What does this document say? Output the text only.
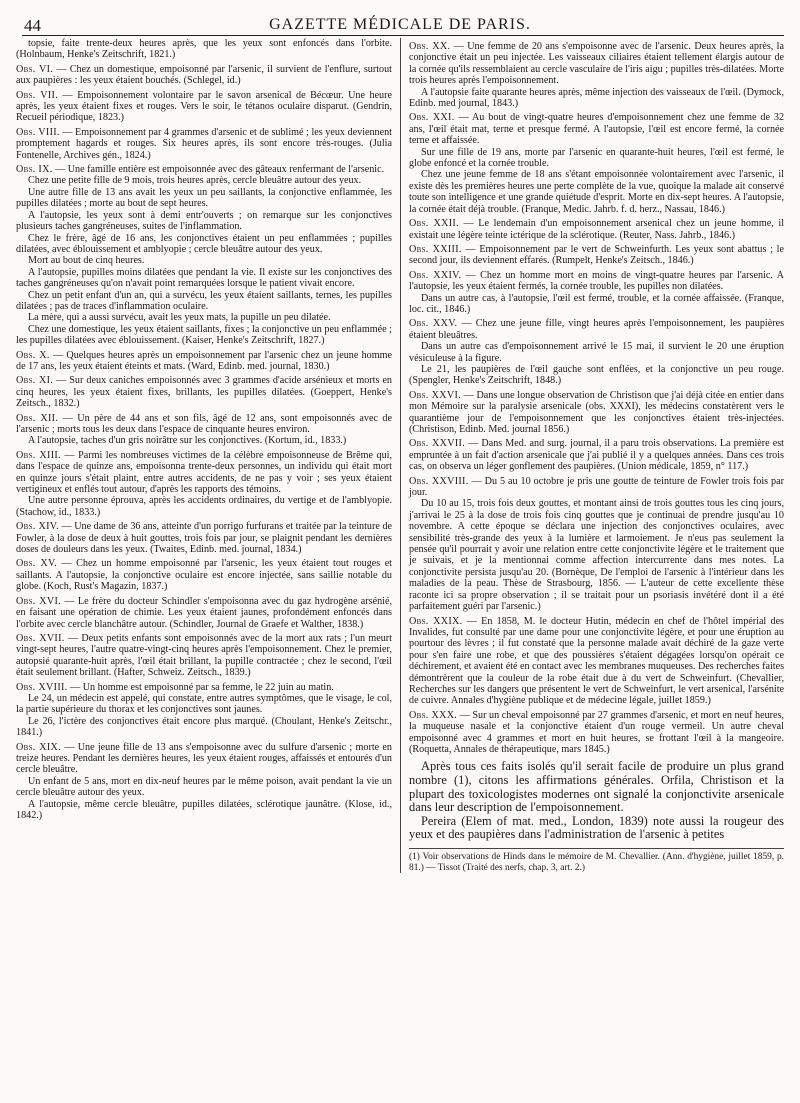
44	GAZETTE MÉDICALE DE PARIS.

topsie, faite trente-deux heures après, que les yeux sont enfoncés dans l'orbite. (Holnbaum, Henke's Zeitschrift, 1821.)

Obs. VI. — Chez un domestique, empoisonné par l'arsenic, il survient de l'enflure, surtout aux paupières : les yeux étaient bouchés. (Schlegel, id.)

Obs. VII. — Empoisonnement volontaire par le savon arsenical de Bécœur. Une heure après, les yeux étaient fixes et rouges. Vers le soir, le tétanos oculaire disparut. (Gendrin, Recueil périodique, 1823.)

Obs. VIII. — Empoisonnement par 4 grammes d'arsenic et de sublimé ; les yeux deviennent promptement hagards et rouges. Six heures après, ils sont encore très-rouges. (Julia Fontenelle, Archives gén., 1824.)

Obs. IX. — Une famille entière est empoisonnée avec des gâteaux renfermant de l'arsenic.

Chez une petite fille de 9 mois, trois heures après, cercle bleuâtre autour des yeux.

Une autre fille de 13 ans avait les yeux un peu saillants, la conjonctive enflammée, les pupilles dilatées ; morte au bout de sept heures.

A l'autopsie, les yeux sont à demi entr'ouverts ; on remarque sur les conjonctives plusieurs taches gangréneuses, suites de l'inflammation.

Chez le frère, âgé de 16 ans, les conjonctives étaient un peu enflammées ; pupilles dilatées, avec éblouissement et amblyopie ; cercle bleuâtre autour des yeux.

Mort au bout de cinq heures.

A l'autopsie, pupilles moins dilatées que pendant la vie. Il existe sur les conjonctives des taches gangréneuses qu'on n'avait point remarquées lorsque le patient vivait encore.

Chez un petit enfant d'un an, qui a survécu, les yeux étaient saillants, ternes, les pupilles dilatées ; pas de traces d'inflammation oculaire.

La mère, qui a aussi survécu, avait les yeux mats, la pupille un peu dilatée.

Chez une domestique, les yeux étaient saillants, fixes ; la conjonctive un peu enflammée ; les pupilles dilatées avec éblouissement. (Kaiser, Henke's Zeitschrift, 1827.)

Obs. X. — Quelques heures après un empoisonnement par l'arsenic chez un jeune homme de 17 ans, les yeux étaient éteints et mats. (Ward, Edinb. med. journal, 1830.)

Obs. XI. — Sur deux caniches empoisonnés avec 3 grammes d'acide arsénieux et morts en cinq heures, les yeux étaient fixes, brillants, les pupilles dilatées. (Goeppert, Henke's Zeitsch., 1832.)

Obs. XII. — Un père de 44 ans et son fils, âgé de 12 ans, sont empoisonnés avec de l'arsenic ; morts tous les deux dans l'espace de cinquante heures environ.

A l'autopsie, taches d'un gris noirâtre sur les conjonctives. (Kortum, id., 1833.)

Obs. XIII. — Parmi les nombreuses victimes de la célèbre empoisonneuse de Brême qui, dans l'espace de quinze ans, empoisonna trente-deux personnes, un individu qui était mort en quinze jours s'était plaint, entre autres accidents, de ne pas y voir ; ses yeux étaient vertigineux et enflés tout autour, d'après les rapports des témoins.

Une autre personne éprouva, après les accidents ordinaires, du vertige et de l'amblyopie. (Stachow, id., 1833.)

Obs. XIV. — Une dame de 36 ans, atteinte d'un porrigo furfurans et traitée par la teinture de Fowler, à la dose de deux à huit gouttes, trois fois par jour, se plaignit pendant les dernières doses de douleurs dans les yeux. (Twaites, Edinb. med. journal, 1834.)

Obs. XV. — Chez un homme empoisonné par l'arsenic, les yeux étaient tout rouges et saillants. A l'autopsie, la conjonctive oculaire est encore injectée, sans saillie notable du globe. (Koch, Rust's Magazin, 1837.)

Obs. XVI. — Le frère du docteur Schindler s'empoisonna avec du gaz hydrogène arsénié, en faisant une opération de chimie. Les yeux étaient jaunes, profondément enfoncés dans l'orbite avec cercle blanchâtre autour. (Schindler, Journal de Graefe et Walther, 1838.)

Obs. XVII. — Deux petits enfants sont empoisonnés avec de la mort aux rats ; l'un meurt vingt-sept heures, l'autre quatre-vingt-cinq heures après l'empoisonnement. Chez le premier, autopsié quarante-huit après, l'œil était brillant, la pupille contractée ; chez le second, l'œil était seulement brillant. (Hafter, Schweiz. Zeitsch., 1839.)

Obs. XVIII. — Un homme est empoisonné par sa femme, le 22 juin au matin.

Le 24, un médecin est appelé, qui constate, entre autres symptômes, que le visage, le col, la partie supérieure du thorax et les conjonctives sont jaunes.

Le 26, l'ictère des conjonctives était encore plus marqué. (Choulant, Henke's Zeitschr., 1841.)

Obs. XIX. — Une jeune fille de 13 ans s'empoisonne avec du sulfure d'arsenic ; morte en treize heures. Pendant les dernières heures, les yeux étaient rouges, affaissés et entourés d'un cercle bleuâtre.

Un enfant de 5 ans, mort en dix-neuf heures par le même poison, avait pendant la vie un cercle bleuâtre autour des yeux.

A l'autopsie, même cercle bleuâtre, pupilles dilatées, sclérotique jaunâtre. (Klose, id., 1842.)

Obs. XX. — Une femme de 20 ans s'empoisonne avec de l'arsenic. Deux heures après, la conjonctive était un peu injectée. Les vaisseaux ciliaires étaient tellement élargis autour de la cornée qu'ils ressemblaient au cercle vasculaire de l'iris aigu ; pupilles très-dilatées. Morte trois heures après l'empoisonnement.

A l'autopsie faite quarante heures après, même injection des vaisseaux de l'œil. (Dymock, Edinb. med journal, 1843.)

Obs. XXI. — Au bout de vingt-quatre heures d'empoisonnement chez une femme de 32 ans, l'œil était mat, terne et presque fermé. A l'autopsie, l'œil est encore fermé, la cornée terne et affaissée.

Sur une fille de 19 ans, morte par l'arsenic en quarante-huit heures, l'œil est fermé, le globe enfoncé et la cornée trouble.

Chez une jeune femme de 18 ans s'étant empoisonnée volontairement avec l'arsenic, il existe dès les premières heures une perte complète de la vue, quoique la malade ait conservé toute son intelligence et une grande quiétude d'esprit. Morte en dix-sept heures. A l'autopsie, la cornée était déjà trouble. (Franque, Medic. Jahrb. f. d. herz., Nassau, 1846.)

Obs. XXII. — Le lendemain d'un empoisonnement arsenical chez un jeune homme, il existait une légère teinte ictérique de la sclérotique. (Reuter, Nass. Jahrb., 1846.)

Obs. XXIII. — Empoisonnement par le vert de Schweinfurth. Les yeux sont abattus ; le second jour, ils deviennent effarés. (Rumpelt, Henke's Zeitsch., 1846.)

Obs. XXIV. — Chez un homme mort en moins de vingt-quatre heures par l'arsenic. A l'autopsie, les yeux étaient fermés, la cornée trouble, les pupilles non dilatées.

Dans un autre cas, à l'autopsie, l'œil est fermé, trouble, et la cornée affaissée. (Franque, loc. cit., 1846.)

Obs. XXV. — Chez une jeune fille, vingt heures après l'empoisonnement, les paupières étaient bleuâtres.

Dans un autre cas d'empoisonnement arrivé le 15 mai, il survient le 20 une éruption vésiculeuse à la figure.

Le 21, les paupières de l'œil gauche sont enflées, et la conjonctive un peu rouge. (Spengler, Henke's Zeitschrift, 1848.)

Obs. XXVI. — Dans une longue observation de Christison que j'ai déjà citée en entier dans mon Mémoire sur la paralysie arsenicale (obs. XXXI), les médecins constatèrent vers le quarantième jour de l'empoisonnement que les conjonctives étaient très-injectées. (Christison, Edinb. Med. journal 1856.)

Obs. XXVII. — Dans Med. and surg. journal, il a paru trois observations. La première est empruntée à un fait d'action arsenicale que j'ai publié il y a quelques années. Dans ces trois cas, on observa un léger gonflement des paupières. (Union médicale, 1859, n° 117.)

Obs. XXVIII. — Du 5 au 10 octobre je pris une goutte de teinture de Fowler trois fois par jour.

Du 10 au 15, trois fois deux gouttes, et montant ainsi de trois gouttes tous les cinq jours, j'arrivai le 25 à la dose de trois fois cinq gouttes que je continuai de prendre jusqu'au 10 novembre. A cette époque se déclara une injection des conjonctives oculaires, avec sensibilité très-grande des yeux à la lumière et larmoiement. Je n'eus pas seulement la pensée qu'il pourrait y avoir une relation entre cette conjonctivite légère et le traitement que je suivais, et je la mentionnai comme affection intercurrente dans mes notes. La conjonctivite persista jusqu'au 20. (Bornèque, De l'emploi de l'arsenic à l'intérieur dans les maladies de la peau. Thèse de Strasbourg, 1856. — L'auteur de cette excellente thèse raconte ici sa propre observation ; il se traitait pour un psoriasis invétéré dont il a été parfaitement guéri par l'arsenic.)

Obs. XXIX. — En 1858, M. le docteur Hutin, médecin en chef de l'hôtel impérial des Invalides, fut consulté par une dame pour une conjonctivite légère, et pour une éruption au pourtour des lèvres ; il fut constaté que la personne malade avait déchiré de la gaze verte pour s'en faire une robe, et que des poussières s'étaient dégagées lorsqu'on opérait ce déchirement, et avaient été en contact avec les membranes muqueuses. Des recherches faites démontrèrent que la couleur de la robe était due à du vert de Schweinfurt. (Chevallier, Recherches sur les dangers que présentent le vert de Schweinfurt, le vert arsenical, l'arsénite de cuivre. Annales d'hygiène publique et de médecine légale, juillet 1859.)

Obs. XXX. — Sur un cheval empoisonné par 27 grammes d'arsenic, et mort en neuf heures, la muqueuse nasale et la conjonctive étaient d'un rouge vermeil. Un autre cheval empoisonné avec 4 grammes et mort en huit heures, se frottant l'œil à la mangeoire. (Roquetta, Annales de thérapeutique, mars 1845.)

Après tous ces faits isolés qu'il serait facile de produire un plus grand nombre (1), citons les affirmations générales. Orfila, Christison et la plupart des toxicologistes modernes ont signalé la conjonctivite arsenicale dans leur description de l'empoisonnement.

Pereira (Elem of mat. med., London, 1839) note aussi la rougeur des yeux et des paupières dans l'administration de l'arsenic à petites

(1) Voir observations de Hinds dans le mémoire de M. Chevallier. (Ann. d'hygiène, juillet 1859, p. 81.) — Tissot (Traité des nerfs, chap. 3, art. 2.)
